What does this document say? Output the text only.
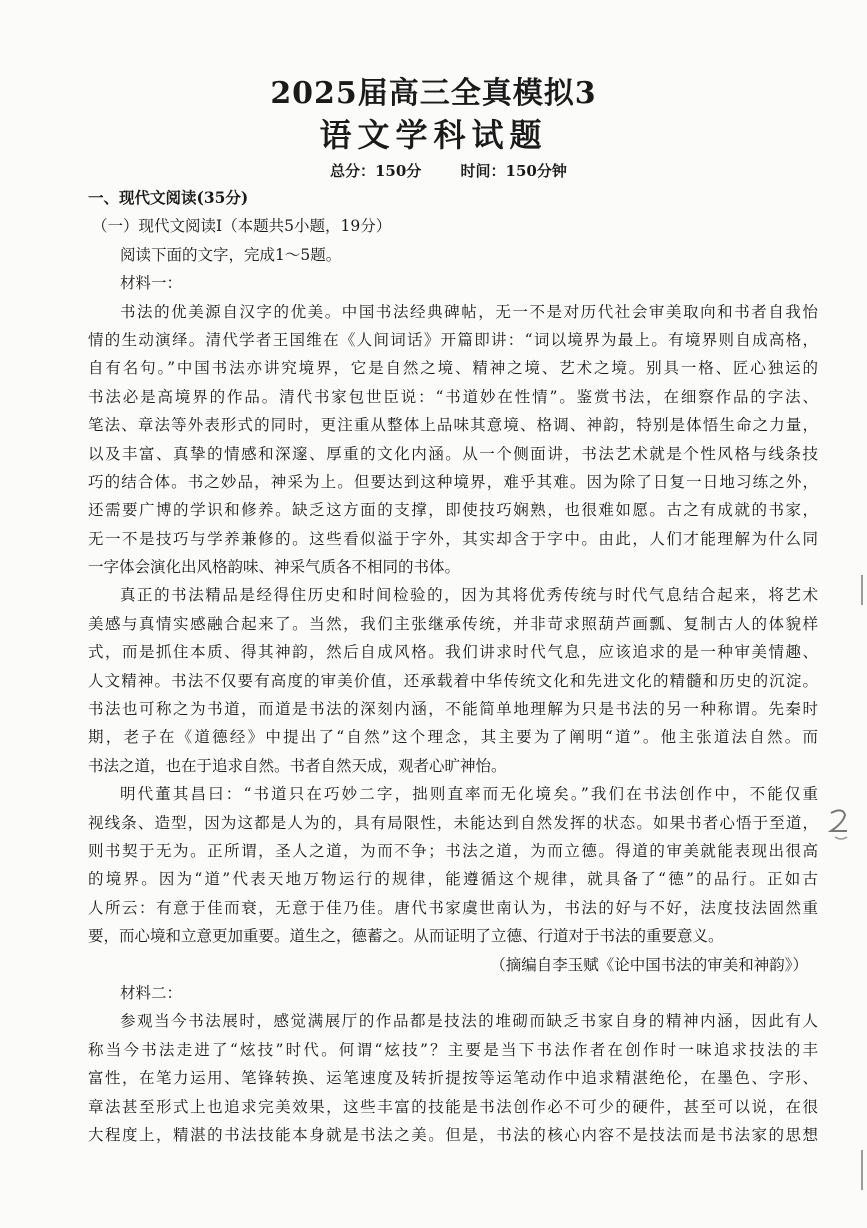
2025届高三全真模拟3
语文学科试题
总分：150分	时间：150分钟
一、现代文阅读(35分)
（一）现代文阅读Ⅰ（本题共5小题，19分）
阅读下面的文字，完成1～5题。
材料一：
书法的优美源自汉字的优美。中国书法经典碑帖，无一不是对历代社会审美取向和书者自我怡
情的生动演绎。清代学者王国维在《人间词话》开篇即讲：“词以境界为最上。有境界则自成高格，
自有名句。”中国书法亦讲究境界，它是自然之境、精神之境、艺术之境。别具一格、匠心独运的
书法必是高境界的作品。清代书家包世臣说：“书道妙在性情”。鉴赏书法，在细察作品的字法、
笔法、章法等外表形式的同时，更注重从整体上品味其意境、格调、神韵，特别是体悟生命之力量，
以及丰富、真挚的情感和深邃、厚重的文化内涵。从一个侧面讲，书法艺术就是个性风格与线条技
巧的结合体。书之妙品，神采为上。但要达到这种境界，难乎其难。因为除了日复一日地习练之外，
还需要广博的学识和修养。缺乏这方面的支撑，即使技巧娴熟，也很难如愿。古之有成就的书家，
无一不是技巧与学养兼修的。这些看似溢于字外，其实却含于字中。由此，人们才能理解为什么同
一字体会演化出风格韵味、神采气质各不相同的书体。
真正的书法精品是经得住历史和时间检验的，因为其将优秀传统与时代气息结合起来，将艺术
美感与真情实感融合起来了。当然，我们主张继承传统，并非苛求照葫芦画瓢、复制古人的体貌样
式，而是抓住本质、得其神韵，然后自成风格。我们讲求时代气息，应该追求的是一种审美情趣、
人文精神。书法不仅要有高度的审美价值，还承载着中华传统文化和先进文化的精髓和历史的沉淀。
书法也可称之为书道，而道是书法的深刻内涵，不能简单地理解为只是书法的另一种称谓。先秦时
期，老子在《道德经》中提出了“自然”这个理念，其主要为了阐明“道”。他主张道法自然。而
书法之道，也在于追求自然。书者自然天成，观者心旷神怡。
明代董其昌曰：“书道只在巧妙二字，拙则直率而无化境矣。”我们在书法创作中，不能仅重
视线条、造型，因为这都是人为的，具有局限性，未能达到自然发挥的状态。如果书者心悟于至道，
则书契于无为。正所谓，圣人之道，为而不争；书法之道，为而立德。得道的审美就能表现出很高
的境界。因为“道”代表天地万物运行的规律，能遵循这个规律，就具备了“德”的品行。正如古
人所云：有意于佳而衰，无意于佳乃佳。唐代书家虞世南认为，书法的好与不好，法度技法固然重
要，而心境和立意更加重要。道生之，德蓄之。从而证明了立德、行道对于书法的重要意义。
（摘编自李玉赋《论中国书法的审美和神韵》）
材料二：
参观当今书法展时，感觉满展厅的作品都是技法的堆砌而缺乏书家自身的精神内涵，因此有人
称当今书法走进了“炫技”时代。何谓“炫技”？主要是当下书法作者在创作时一味追求技法的丰
富性，在笔力运用、笔锋转换、运笔速度及转折提按等运笔动作中追求精湛绝伦，在墨色、字形、
章法甚至形式上也追求完美效果，这些丰富的技能是书法创作必不可少的硬件，甚至可以说，在很
大程度上，精湛的书法技能本身就是书法之美。但是，书法的核心内容不是技法而是书法家的思想
